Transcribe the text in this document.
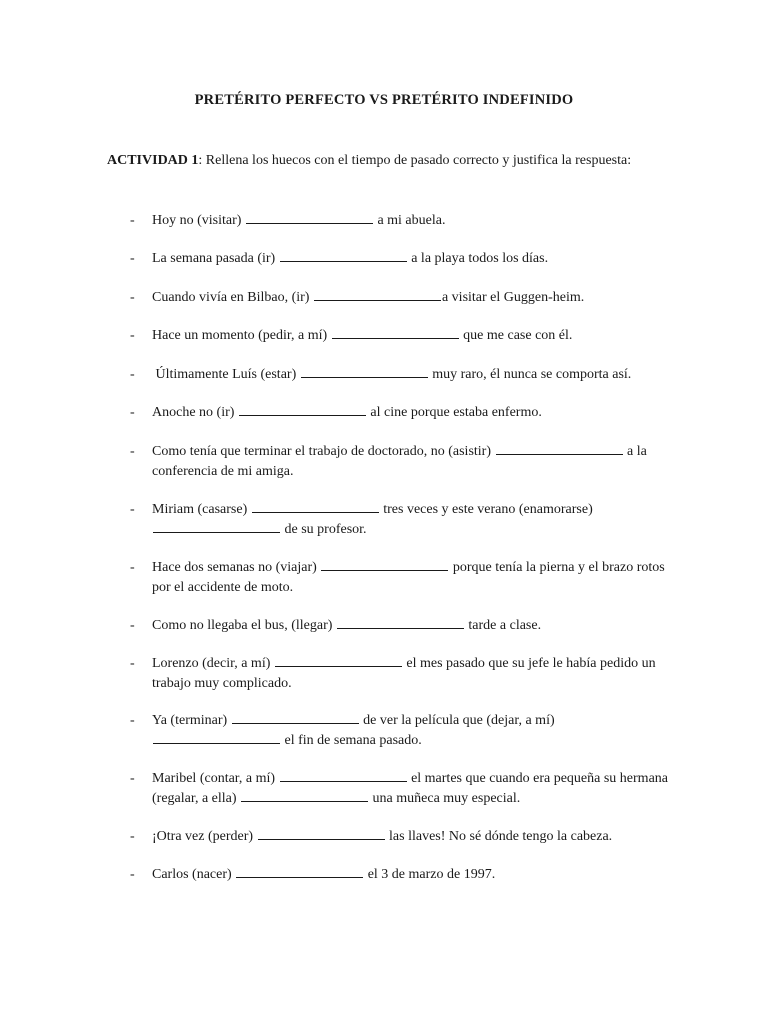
PRETÉRITO PERFECTO VS PRETÉRITO INDEFINIDO
ACTIVIDAD 1: Rellena los huecos con el tiempo de pasado correcto y justifica la respuesta:
- Hoy no (visitar)	a mi abuela.
- La semana pasada (ir)	a la playa todos los días.
- Cuando vivía en Bilbao, (ir)	a visitar el Guggen-heim.
- Hace un momento (pedir, a mí)	que me case con él.
- Últimamente Luís (estar)	muy raro, él nunca se comporta así.
- Anoche no (ir)	al cine porque estaba enfermo.
- Como tenía que terminar el trabajo de doctorado, no (asistir)	a la conferencia de mi amiga.
- Miriam (casarse)	tres veces y este verano (enamorarse)  de su profesor.
- Hace dos semanas no (viajar)	porque tenía la pierna y el brazo rotos por el accidente de moto.
- Como no llegaba el bus, (llegar)	tarde a clase.
- Lorenzo (decir, a mí)	el mes pasado que su jefe le había pedido un trabajo muy complicado.
- Ya (terminar)	de ver la película que (dejar, a mí)  el fin de semana pasado.
- Maribel (contar, a mí)	el martes que cuando era pequeña su hermana (regalar, a ella)	una muñeca muy especial.
- ¡Otra vez (perder)	las llaves! No sé dónde tengo la cabeza.
- Carlos (nacer)	el 3 de marzo de 1997.
